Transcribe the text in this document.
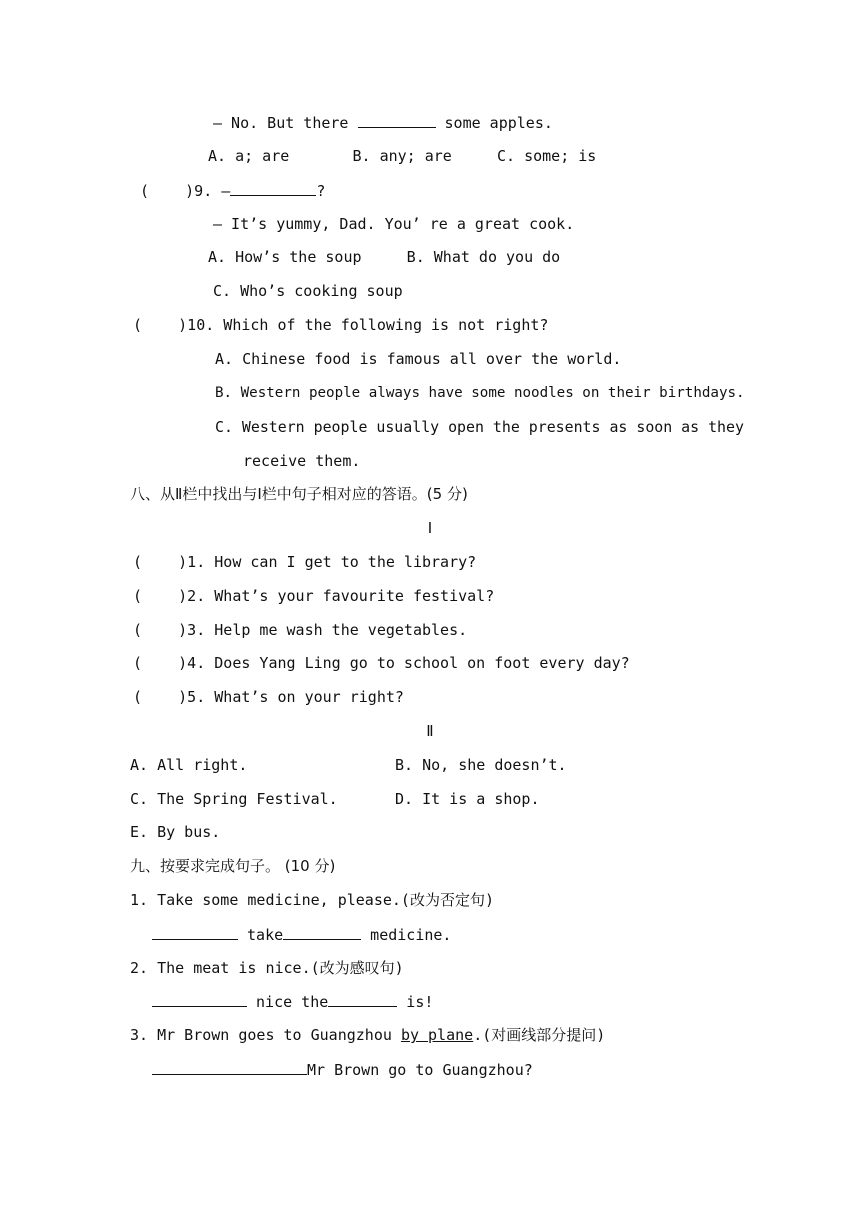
— No. But there	some apples.
A. a; are       B. any; are     C. some; is
(    )9. —	?
— It’s yummy, Dad. You’ re a great cook.
A. How’s the soup     B. What do you do
C. Who’s cooking soup
(    )10. Which of the following is not right?
A. Chinese food is famous all over the world.
B. Western people always have some noodles on their birthdays.
C. Western people usually open the presents as soon as they
receive them.
八、从Ⅱ栏中找出与Ⅰ栏中句子相对应的答语。(5 分)
Ⅰ
(    )1. How can I get to the library?
(    )2. What’s your favourite festival?
(    )3. Help me wash the vegetables.
(    )4. Does Yang Ling go to school on foot every day?
(    )5. What’s on your right?
Ⅱ
A. All right.	B. No, she doesn’t.
C. The Spring Festival.	D. It is a shop.
E. By bus.
九、按要求完成句子。 (10 分)
1. Take some medicine, please.(改为否定句)
take	medicine.
2. The meat is nice.(改为感叹句)
nice the	is!
3. Mr Brown goes to Guangzhou by plane.(对画线部分提问)
Mr Brown go to Guangzhou?
